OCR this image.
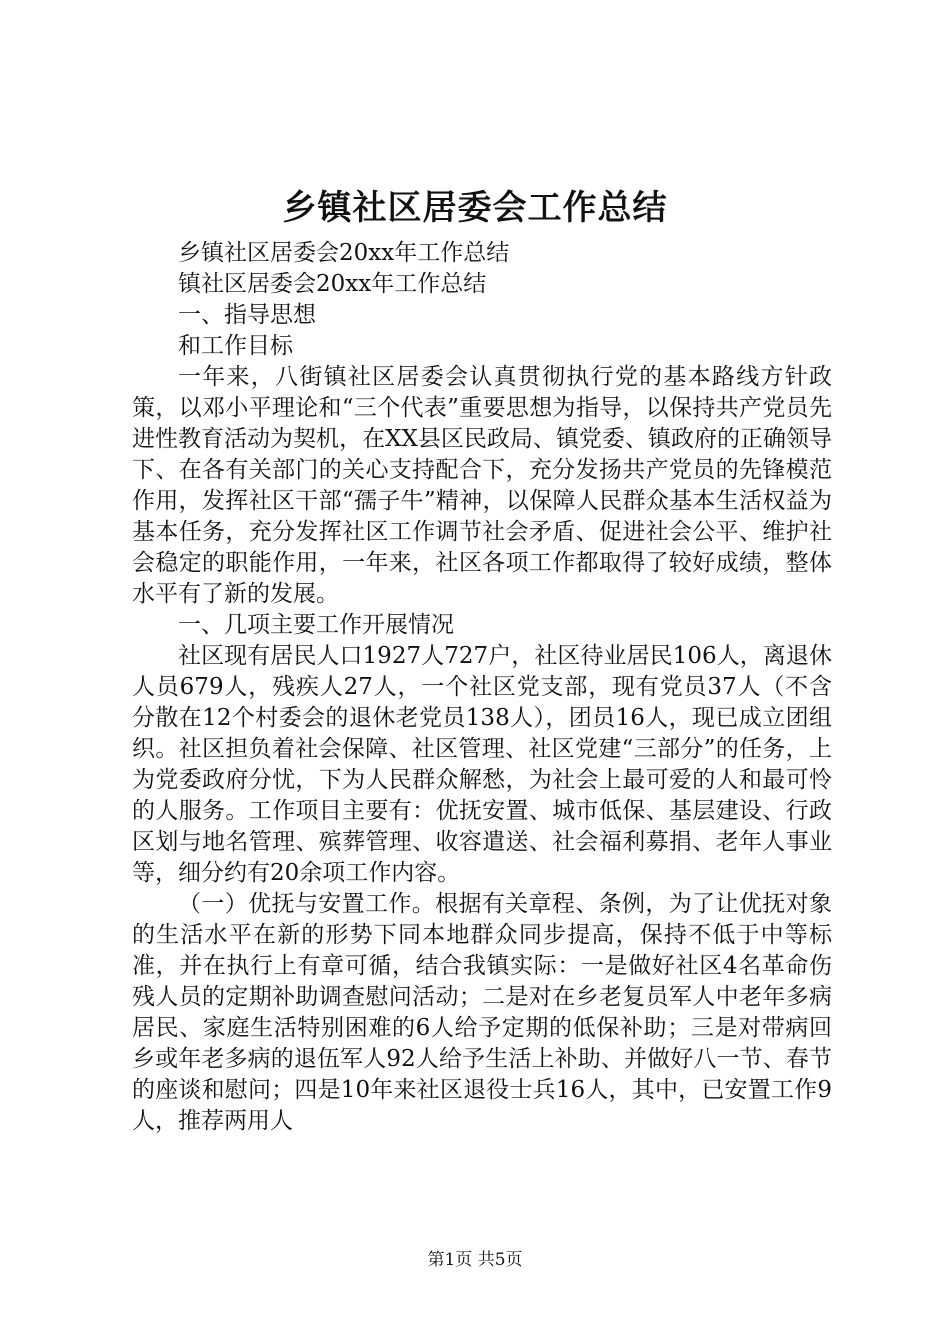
乡镇社区居委会工作总结

乡镇社区居委会20xx年工作总结

镇社区居委会20xx年工作总结

一、指导思想

和工作目标

一年来，八街镇社区居委会认真贯彻执行党的基本路线方针政策，以邓小平理论和“三个代表”重要思想为指导，以保持共产党员先进性教育活动为契机，在XX县区民政局、镇党委、镇政府的正确领导下、在各有关部门的关心支持配合下，充分发扬共产党员的先锋模范作用，发挥社区干部“孺子牛”精神，以保障人民群众基本生活权益为基本任务，充分发挥社区工作调节社会矛盾、促进社会公平、维护社会稳定的职能作用，一年来，社区各项工作都取得了较好成绩，整体水平有了新的发展。

一、几项主要工作开展情况

社区现有居民人口1927人727户，社区待业居民106人，离退休人员679人，残疾人27人，一个社区党支部，现有党员37人（不含分散在12个村委会的退休老党员138人），团员16人，现已成立团组织。社区担负着社会保障、社区管理、社区党建“三部分”的任务，上为党委政府分忧，下为人民群众解愁，为社会上最可爱的人和最可怜的人服务。工作项目主要有：优抚安置、城市低保、基层建设、行政区划与地名管理、殡葬管理、收容遣送、社会福利募捐、老年人事业等，细分约有20余项工作内容。

（一）优抚与安置工作。根据有关章程、条例，为了让优抚对象的生活水平在新的形势下同本地群众同步提高，保持不低于中等标准，并在执行上有章可循，结合我镇实际：一是做好社区4名革命伤残人员的定期补助调查慰问活动；二是对在乡老复员军人中老年多病居民、家庭生活特别困难的6人给予定期的低保补助；三是对带病回乡或年老多病的退伍军人92人给予生活上补助、并做好八一节、春节的座谈和慰问；四是10年来社区退役士兵16人，其中，已安置工作9人，推荐两用人

第1页 共5页
